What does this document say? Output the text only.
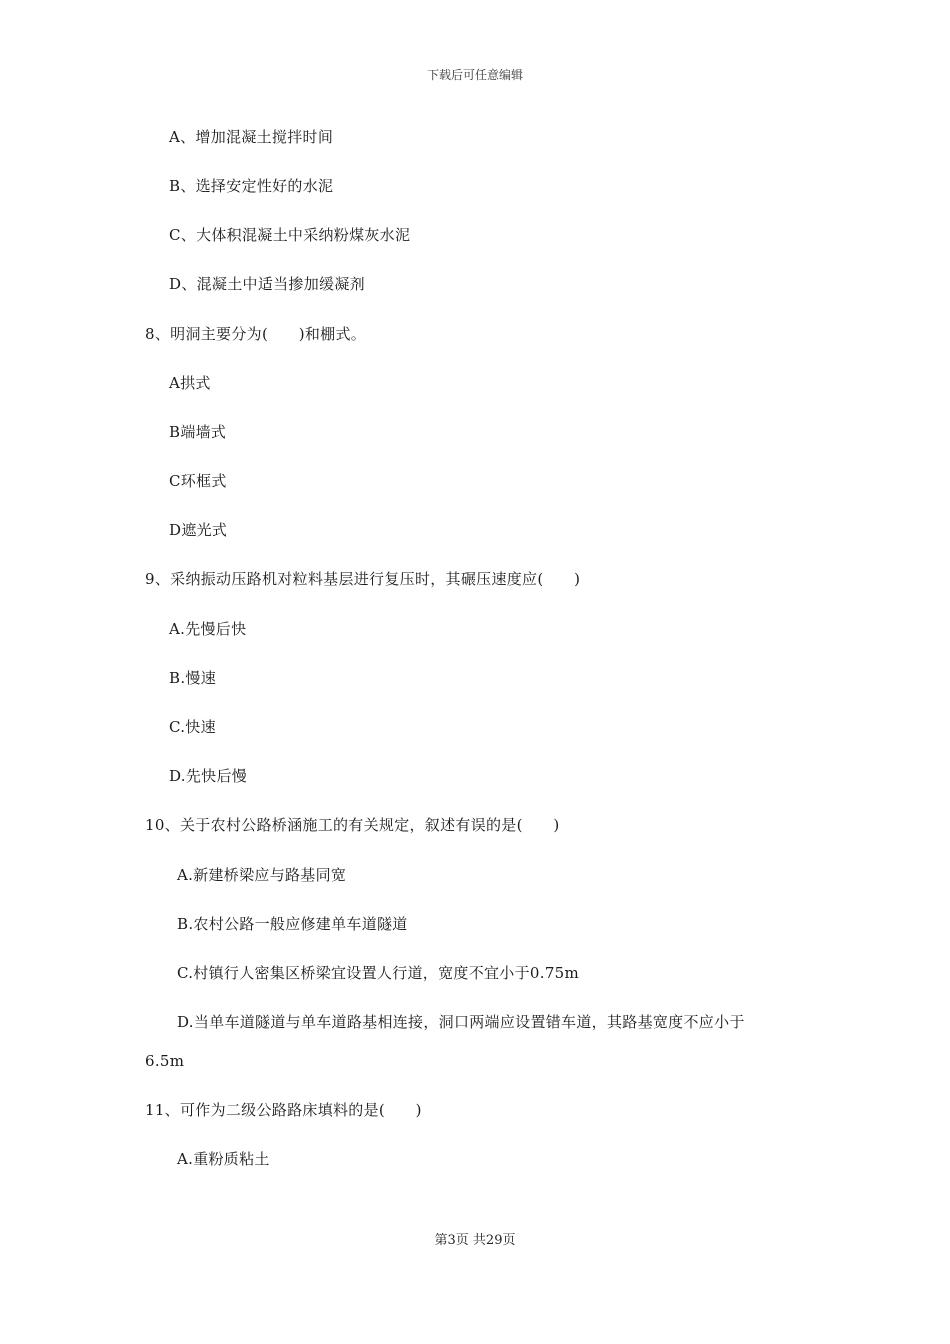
下载后可任意编辑
A、增加混凝土搅拌时间
B、选择安定性好的水泥
C、大体积混凝土中采纳粉煤灰水泥
D、混凝土中适当掺加缓凝剂
8、明洞主要分为(　　)和棚式。
A拱式
B端墙式
C环框式
D遮光式
9、采纳振动压路机对粒料基层进行复压时，其碾压速度应(　　)
A.先慢后快
B.慢速
C.快速
D.先快后慢
10、关于农村公路桥涵施工的有关规定，叙述有误的是(　　)
A.新建桥梁应与路基同宽
B.农村公路一般应修建单车道隧道
C.村镇行人密集区桥梁宜设置人行道，宽度不宜小于0.75m
D.当单车道隧道与单车道路基相连接，洞口两端应设置错车道，其路基宽度不应小于
6.5m
11、可作为二级公路路床填料的是(　　)
A.重粉质粘土
第3页 共29页
